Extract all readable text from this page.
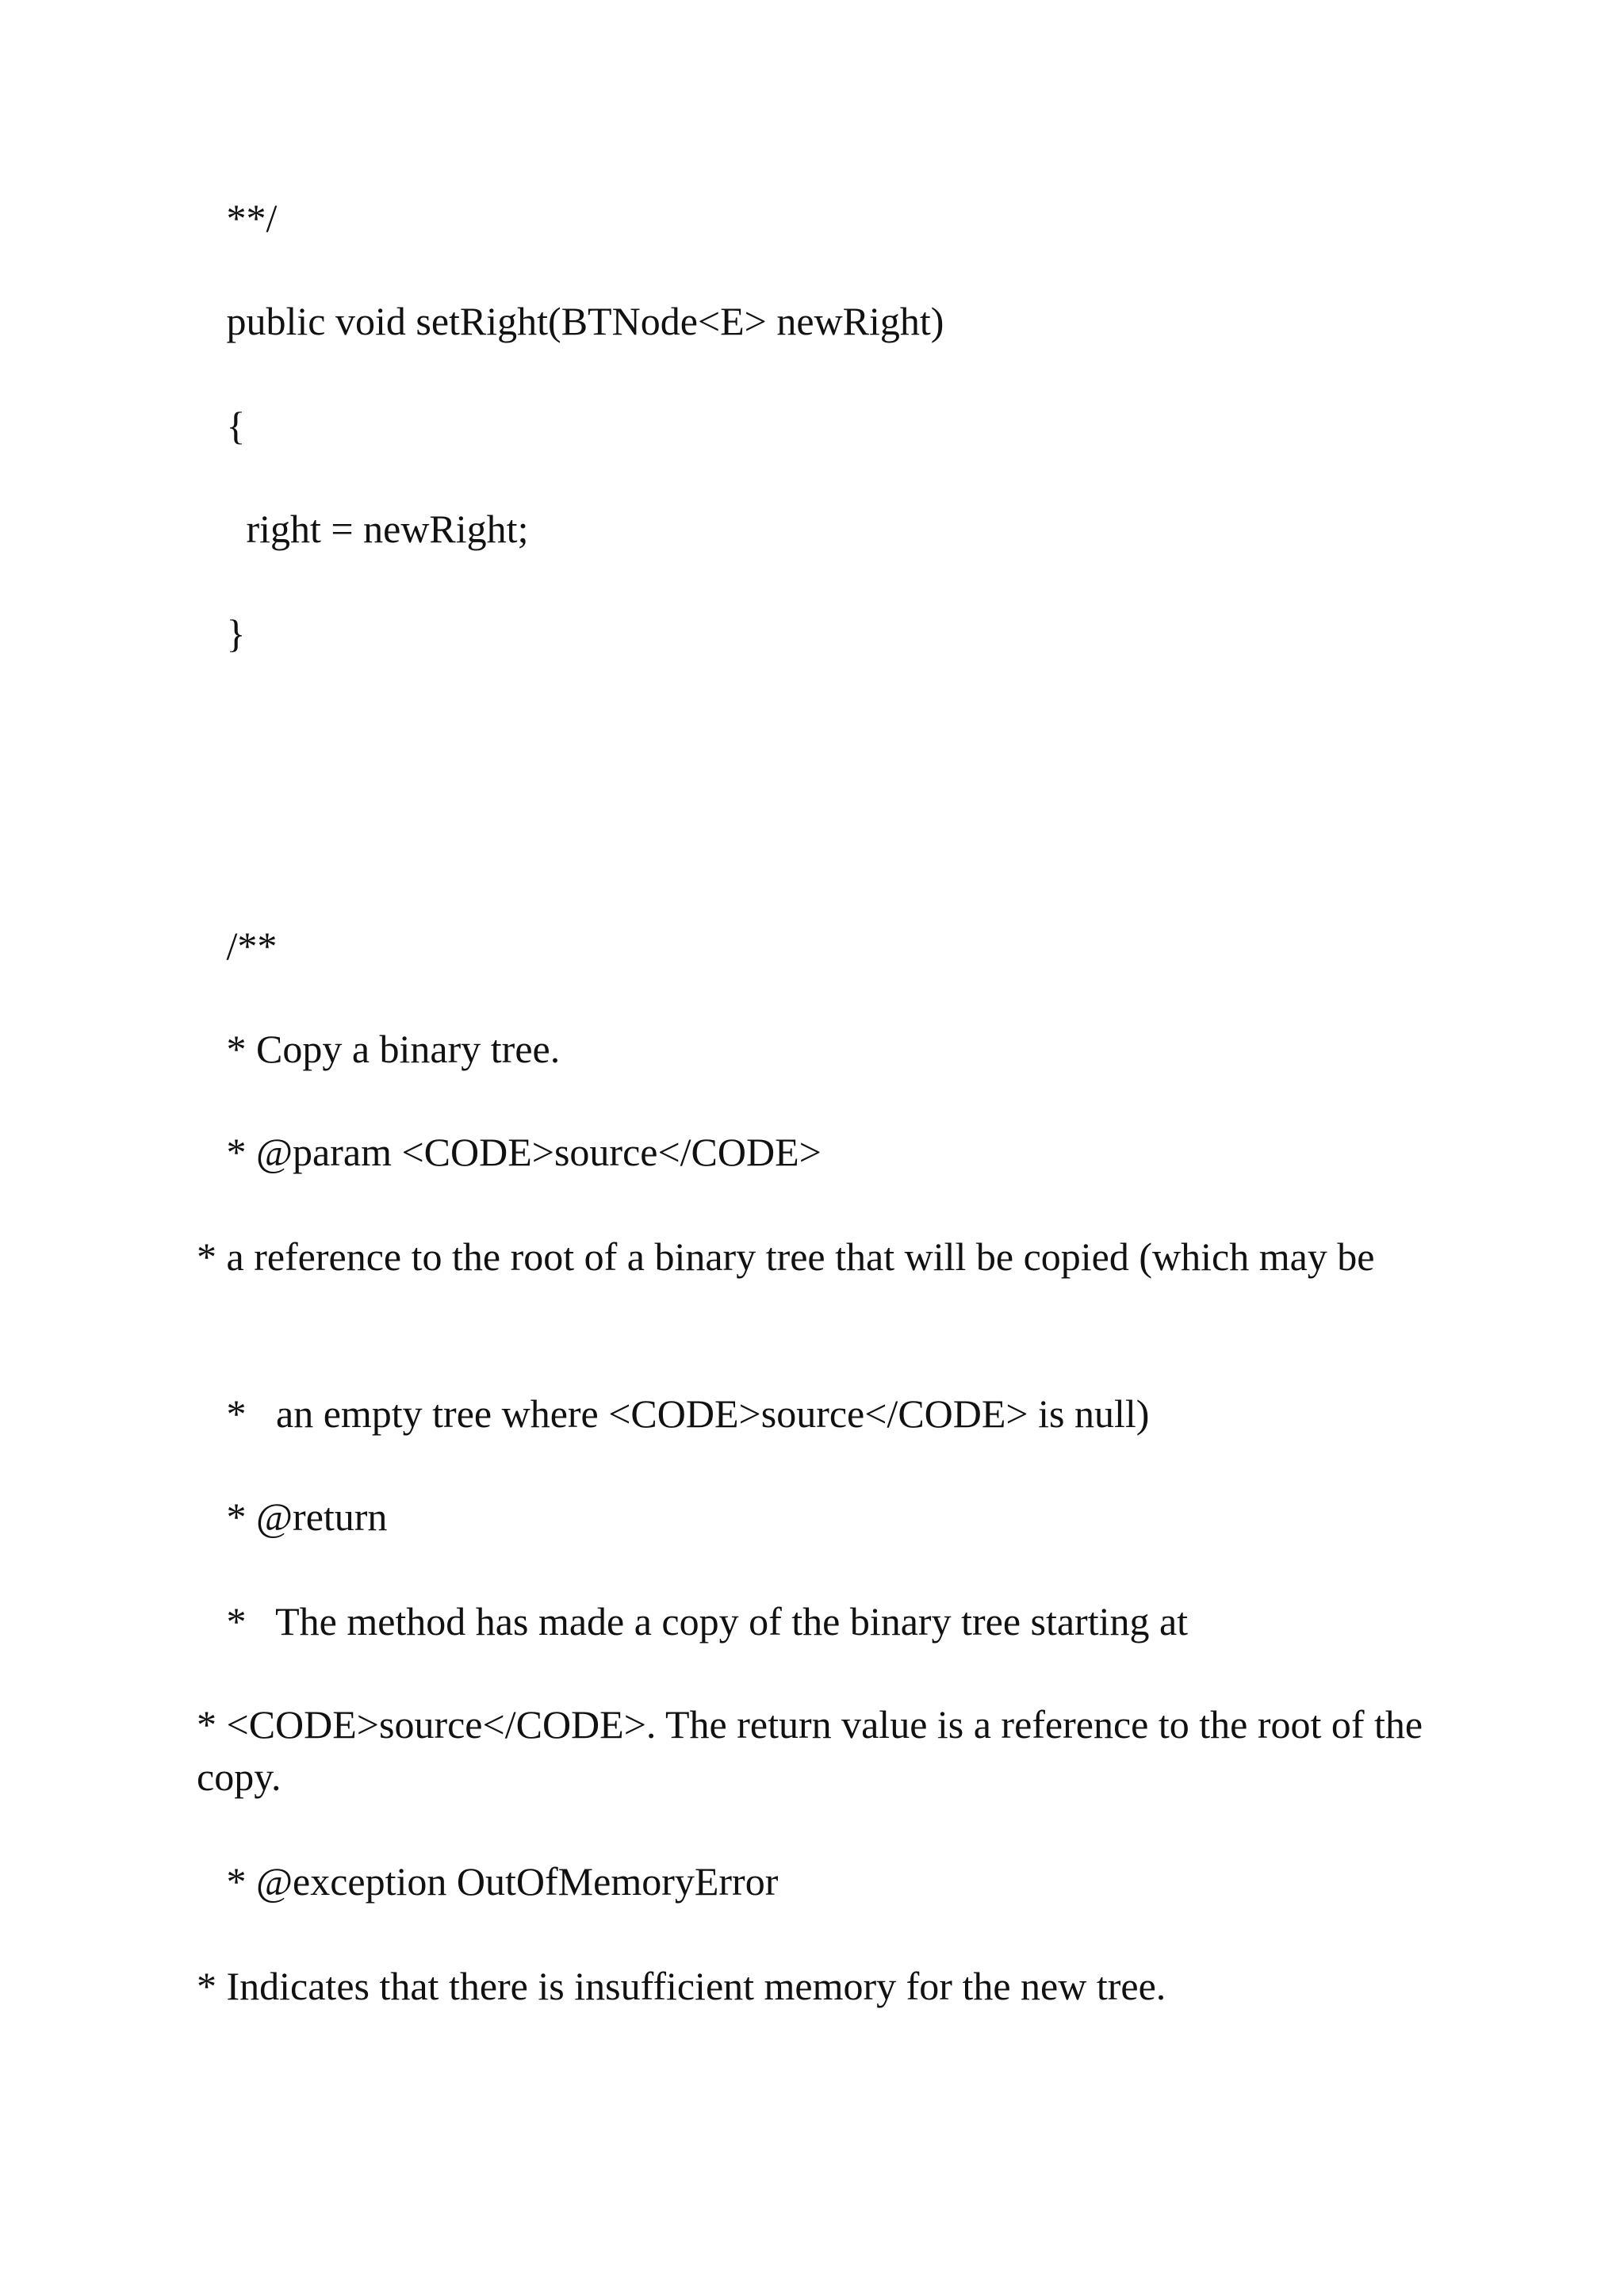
**/

public void setRight(BTNode<E> newRight)

{

right = newRight;

}

/**

* Copy a binary tree.

* @param <CODE>source</CODE>

* a reference to the root of a binary tree that will be copied (which may be

*   an empty tree where <CODE>source</CODE> is null)

* @return

*   The method has made a copy of the binary tree starting at

* <CODE>source</CODE>. The return value is a reference to the root of the copy.

* @exception OutOfMemoryError

* Indicates that there is insufficient memory for the new tree.
